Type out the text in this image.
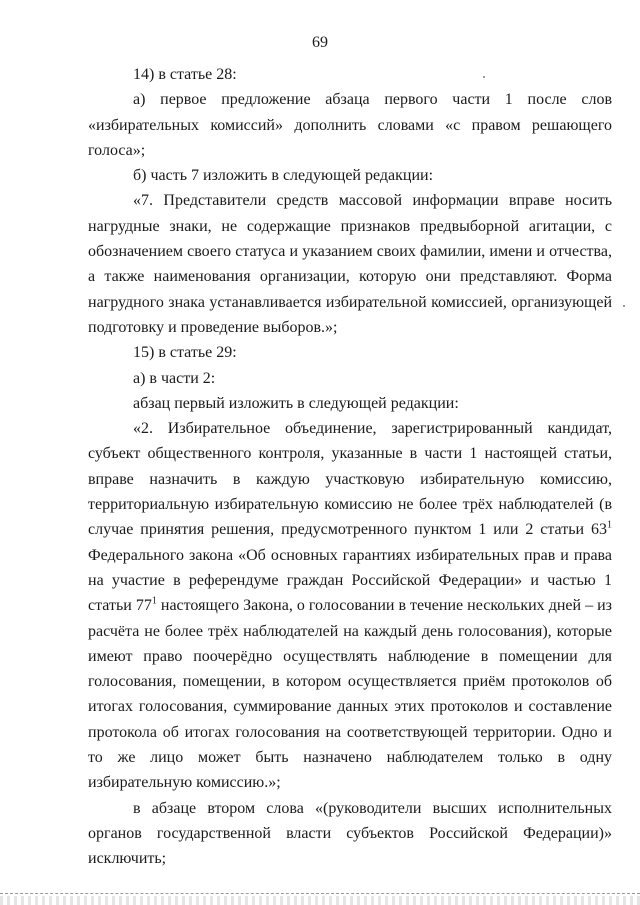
69

14) в статье 28:

а) первое предложение абзаца первого части 1 после слов «избирательных комиссий» дополнить словами «с правом решающего голоса»;

б) часть 7 изложить в следующей редакции:

«7. Представители средств массовой информации вправе носить нагрудные знаки, не содержащие признаков предвыборной агитации, с обозначением своего статуса и указанием своих фамилии, имени и отчества, а также наименования организации, которую они представляют. Форма нагрудного знака устанавливается избирательной комиссией, организующей подготовку и проведение выборов.»;

15) в статье 29:

а) в части 2:

абзац первый изложить в следующей редакции:

«2. Избирательное объединение, зарегистрированный кандидат, субъект общественного контроля, указанные в части 1 настоящей статьи, вправе назначить в каждую участковую избирательную комиссию, территориальную избирательную комиссию не более трёх наблюдателей (в случае принятия решения, предусмотренного пунктом 1 или 2 статьи $63^1$ Федерального закона «Об основных гарантиях избирательных прав и права на участие в референдуме граждан Российской Федерации» и частью 1 статьи $77^1$ настоящего Закона, о голосовании в течение нескольких дней – из расчёта не более трёх наблюдателей на каждый день голосования), которые имеют право поочерёдно осуществлять наблюдение в помещении для голосования, помещении, в котором осуществляется приём протоколов об итогах голосования, суммирование данных этих протоколов и составление протокола об итогах голосования на соответствующей территории. Одно и то же лицо может быть назначено наблюдателем только в одну избирательную комиссию.»;

в абзаце втором слова «(руководители высших исполнительных органов государственной власти субъектов Российской Федерации)» исключить;
